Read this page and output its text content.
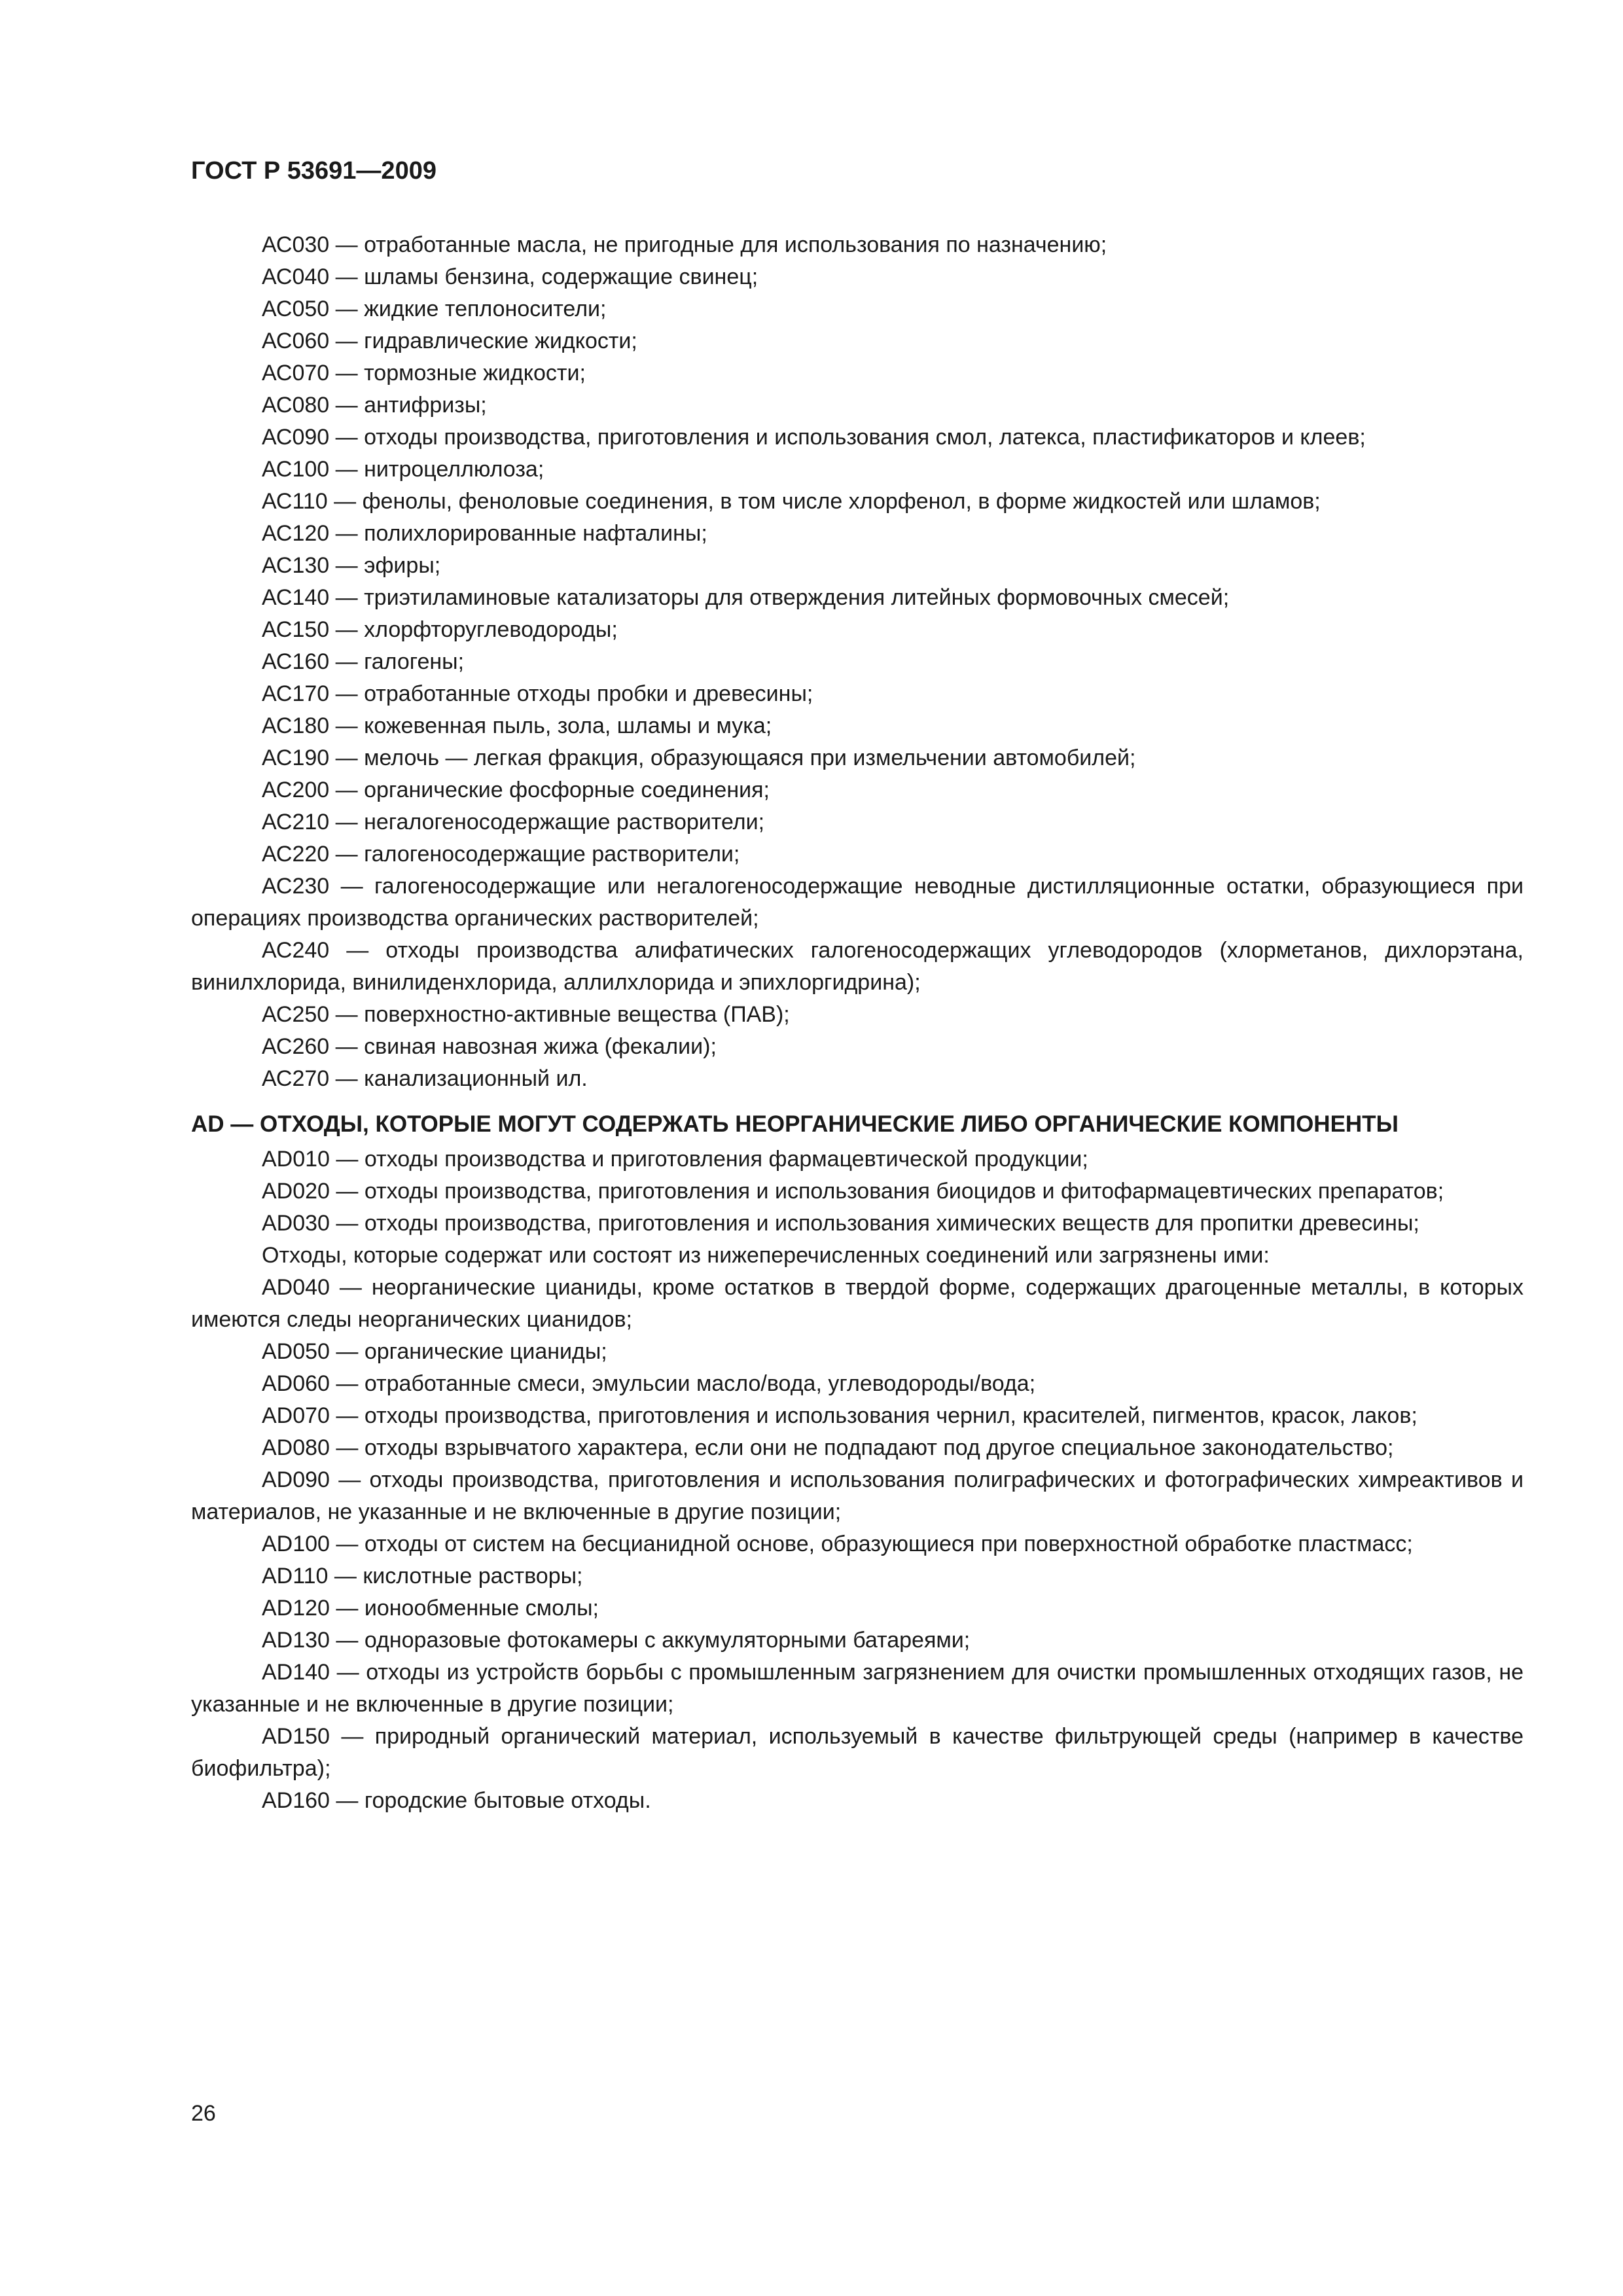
ГОСТ Р 53691—2009

АС030 — отработанные масла, не пригодные для использования по назначению;

АС040 — шламы бензина, содержащие свинец;

АС050 — жидкие теплоносители;

АС060 — гидравлические жидкости;

АС070 — тормозные жидкости;

АС080 — антифризы;

АС090 — отходы производства, приготовления и использования смол, латекса, пластификаторов и клеев;

АС100 — нитроцеллюлоза;

АС110 — фенолы, феноловые соединения, в том числе хлорфенол, в форме жидкостей или шламов;

АС120 — полихлорированные нафталины;

АС130 — эфиры;

АС140 — триэтиламиновые катализаторы для отверждения литейных формовочных смесей;

АС150 — хлорфторуглеводороды;

АС160 — галогены;

АС170 — отработанные отходы пробки и древесины;

АС180 — кожевенная пыль, зола, шламы и мука;

АС190 — мелочь — легкая фракция, образующаяся при измельчении автомобилей;

АС200 — органические фосфорные соединения;

АС210 — негалогеносодержащие растворители;

АС220 — галогеносодержащие растворители;

АС230 — галогеносодержащие или негалогеносодержащие неводные дистилляционные остатки, образующиеся при операциях производства органических растворителей;

АС240 — отходы производства алифатических галогеносодержащих углеводородов (хлорметанов, дихлорэтана, винилхлорида, винилиденхлорида, аллилхлорида и эпихлоргидрина);

АС250 — поверхностно-активные вещества (ПАВ);

АС260 — свиная навозная жижа (фекалии);

АС270 — канализационный ил.

AD — ОТХОДЫ, КОТОРЫЕ МОГУТ СОДЕРЖАТЬ НЕОРГАНИЧЕСКИЕ ЛИБО ОРГАНИЧЕСКИЕ КОМПОНЕНТЫ

AD010 — отходы производства и приготовления фармацевтической продукции;

AD020 — отходы производства, приготовления и использования биоцидов и фитофармацевтических препаратов;

AD030 — отходы производства, приготовления и использования химических веществ для пропитки древесины;

Отходы, которые содержат или состоят из нижеперечисленных соединений или загрязнены ими:

AD040 — неорганические цианиды, кроме остатков в твердой форме, содержащих драгоценные металлы, в которых имеются следы неорганических цианидов;

AD050 — органические цианиды;

AD060 — отработанные смеси, эмульсии масло/вода, углеводороды/вода;

AD070 — отходы производства, приготовления и использования чернил, красителей, пигментов, красок, лаков;

AD080 — отходы взрывчатого характера, если они не подпадают под другое специальное законодательство;

AD090 — отходы производства, приготовления и использования полиграфических и фотографических химреактивов и материалов, не указанные и не включенные в другие позиции;

AD100 — отходы от систем на бесцианидной основе, образующиеся при поверхностной обработке пластмасс;

AD110 — кислотные растворы;

AD120 — ионообменные смолы;

AD130 — одноразовые фотокамеры с аккумуляторными батареями;

AD140 — отходы из устройств борьбы с промышленным загрязнением для очистки промышленных отходящих газов, не указанные и не включенные в другие позиции;

AD150 — природный органический материал, используемый в качестве фильтрующей среды (например в качестве биофильтра);

AD160 — городские бытовые отходы.

26
